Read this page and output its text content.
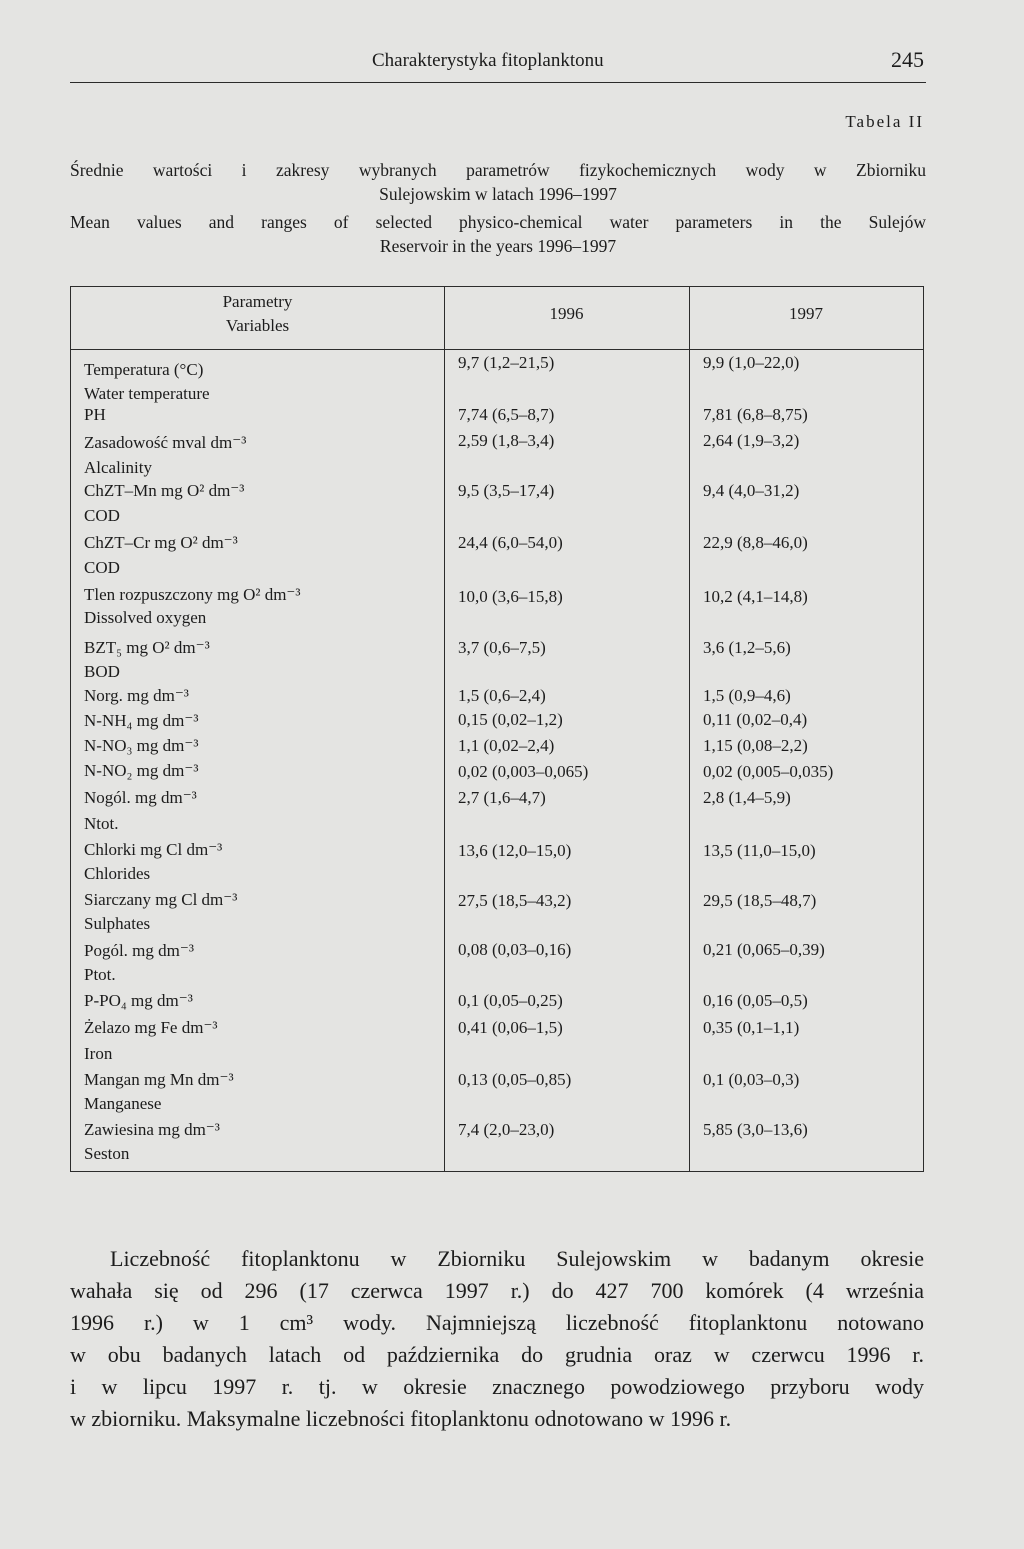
Charakterystyka fitoplanktonu	245
Tabela II
Średnie wartości i zakresy wybranych parametrów fizykochemicznych wody w Zbiorniku
Sulejowskim w latach 1996–1997
Mean values and ranges of selected physico-chemical water parameters in the Sulejów
Reservoir in the years 1996–1997
Parametry
Variables
1996	1997
Temperatura (°C)
Water temperature
9,7 (1,2–21,5)	9,9 (1,0–22,0)
PH	7,74 (6,5–8,7)	7,81 (6,8–8,75)
Zasadowość mval dm⁻³
Alcalinity
2,59 (1,8–3,4)	2,64 (1,9–3,2)
ChZT–Mn mg O² dm⁻³
COD
9,5 (3,5–17,4)	9,4 (4,0–31,2)
ChZT–Cr mg O² dm⁻³
COD
24,4 (6,0–54,0)	22,9 (8,8–46,0)
Tlen rozpuszczony mg O² dm⁻³
Dissolved oxygen
10,0 (3,6–15,8)	10,2 (4,1–14,8)
BZT₅ mg O² dm⁻³
BOD
3,7 (0,6–7,5)	3,6 (1,2–5,6)
Norg. mg dm⁻³	1,5 (0,6–2,4)	1,5 (0,9–4,6)
N-NH₄ mg dm⁻³	0,15 (0,02–1,2)	0,11 (0,02–0,4)
N-NO₃ mg dm⁻³	1,1 (0,02–2,4)	1,15 (0,08–2,2)
N-NO₂ mg dm⁻³	0,02 (0,003–0,065)	0,02 (0,005–0,035)
Nogól. mg dm⁻³
Ntot.
2,7 (1,6–4,7)	2,8 (1,4–5,9)
Chlorki mg Cl dm⁻³
Chlorides
13,6 (12,0–15,0)	13,5 (11,0–15,0)
Siarczany mg Cl dm⁻³
Sulphates
27,5 (18,5–43,2)	29,5 (18,5–48,7)
Pogól. mg dm⁻³
Ptot.
0,08 (0,03–0,16)	0,21 (0,065–0,39)
P-PO₄ mg dm⁻³	0,1 (0,05–0,25)	0,16 (0,05–0,5)
Żelazo mg Fe dm⁻³
Iron
0,41 (0,06–1,5)	0,35 (0,1–1,1)
Mangan mg Mn dm⁻³
Manganese
0,13 (0,05–0,85)	0,1 (0,03–0,3)
Zawiesina mg dm⁻³
Seston
7,4 (2,0–23,0)	5,85 (3,0–13,6)
Liczebność fitoplanktonu w Zbiorniku Sulejowskim w badanym okresie
wahała się od 296 (17 czerwca 1997 r.) do 427 700 komórek (4 września
1996 r.) w 1 cm³ wody. Najmniejszą liczebność fitoplanktonu notowano
w obu badanych latach od października do grudnia oraz w czerwcu 1996 r.
i w lipcu 1997 r. tj. w okresie znacznego powodziowego przyboru wody
w zbiorniku. Maksymalne liczebności fitoplanktonu odnotowano w 1996 r.
